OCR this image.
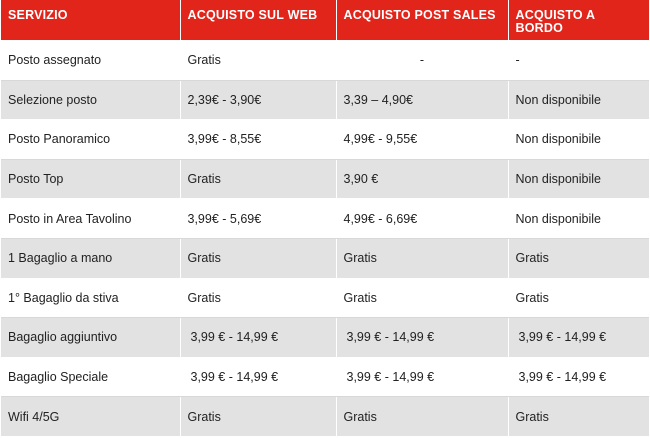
SERVIZIO	ACQUISTO SUL WEB	ACQUISTO POST SALES	ACQUISTO A BORDO
Posto assegnato	Gratis	-	-
Selezione posto	2,39€ - 3,90€	3,39 – 4,90€	Non disponibile
Posto Panoramico	3,99€ - 8,55€	4,99€ - 9,55€	Non disponibile
Posto Top	Gratis	3,90 €	Non disponibile
Posto in Area Tavolino	3,99€ - 5,69€	4,99€ - 6,69€	Non disponibile
1 Bagaglio a mano	Gratis	Gratis	Gratis
1° Bagaglio da stiva	Gratis	Gratis	Gratis
Bagaglio aggiuntivo	3,99 € - 14,99 €	3,99 € - 14,99 €	3,99 € - 14,99 €
Bagaglio Speciale	3,99 € - 14,99 €	3,99 € - 14,99 €	3,99 € - 14,99 €
Wifi 4/5G	Gratis	Gratis	Gratis
